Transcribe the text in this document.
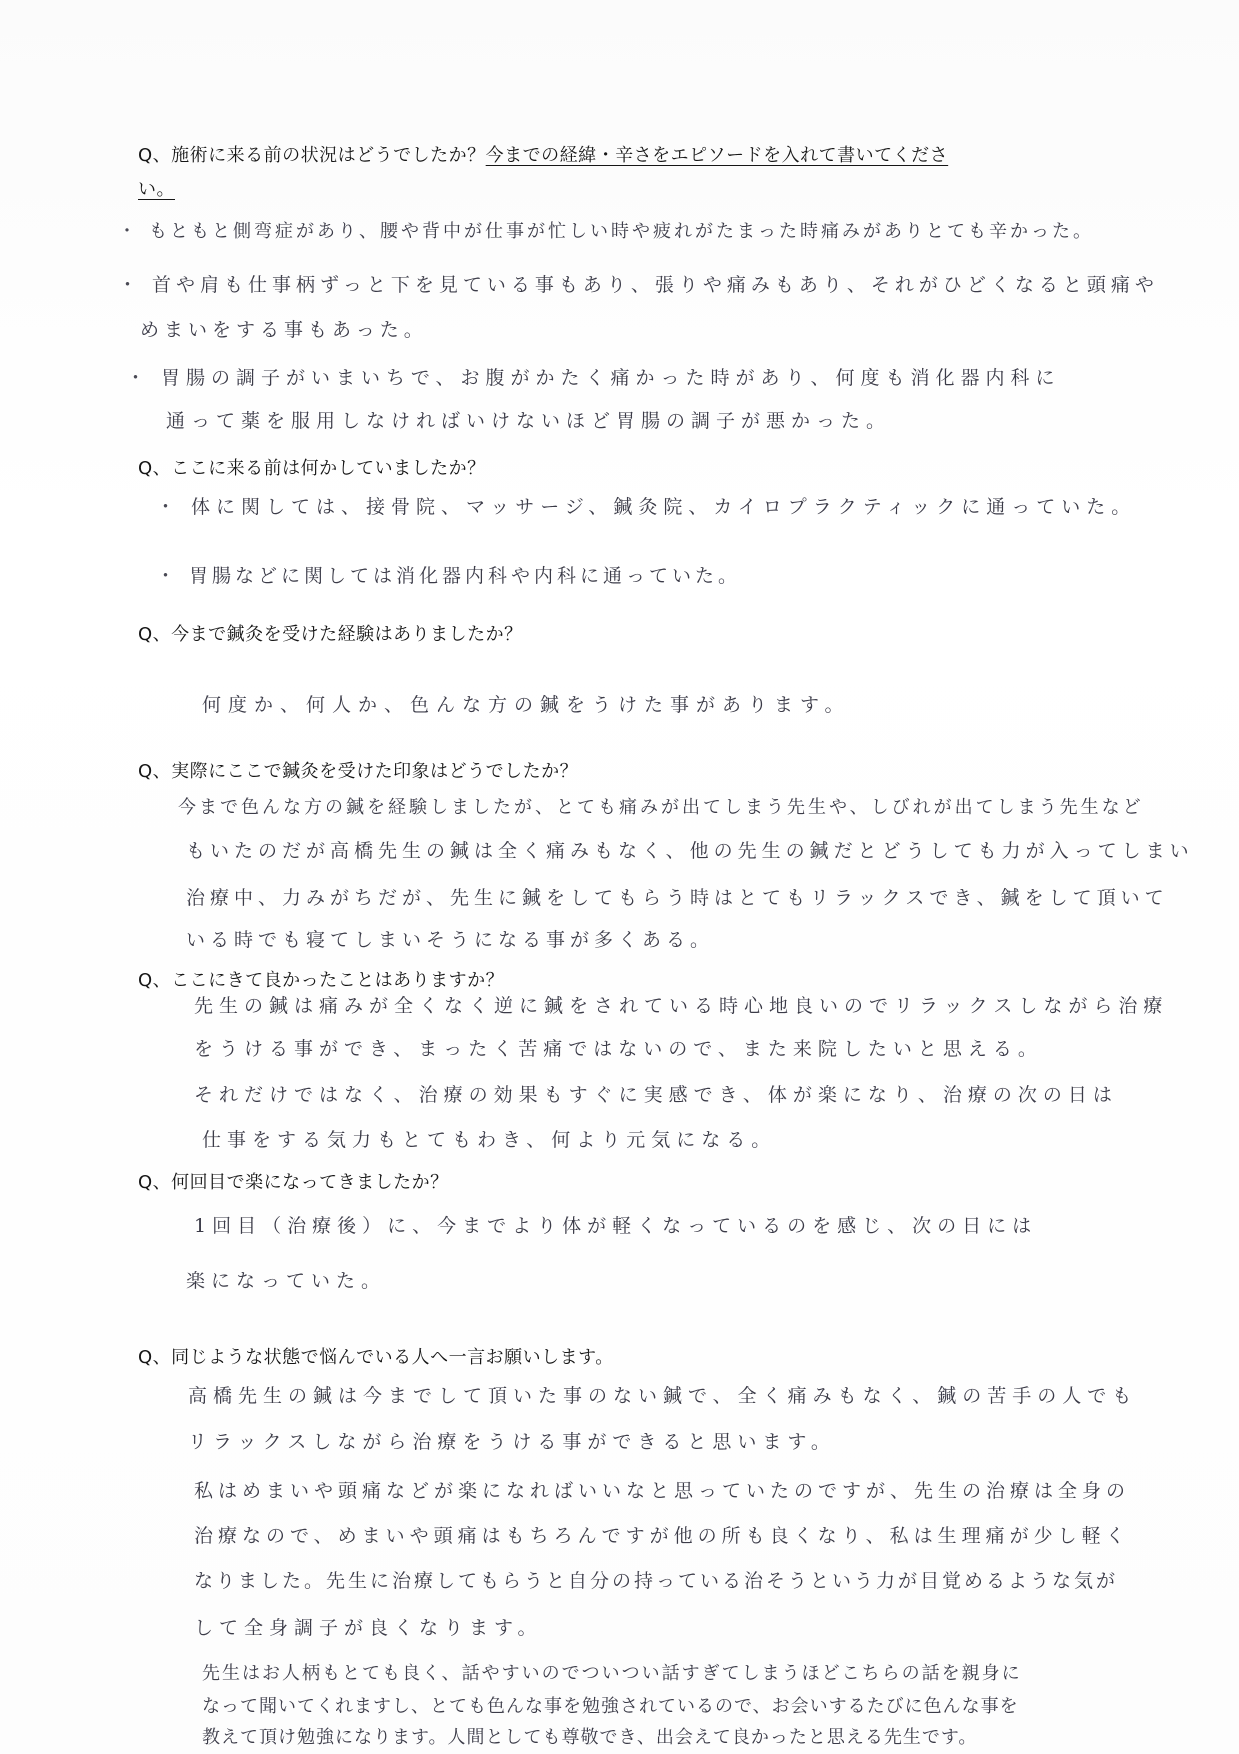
Q、施術に来る前の状況はどうでしたか？今までの経緯・辛さをエピソードを入れて書いてくださ
い。
・ もともと側弯症があり、腰や背中が仕事が忙しい時や疲れがたまった時痛みがありとても辛かった。
・ 首や肩も仕事柄ずっと下を見ている事もあり、張りや痛みもあり、それがひどくなると頭痛や
めまいをする事もあった。
・ 胃腸の調子がいまいちで、お腹がかたく痛かった時があり、何度も消化器内科に
通って薬を服用しなければいけないほど胃腸の調子が悪かった。
Q、ここに来る前は何かしていましたか？
・ 体に関しては、接骨院、マッサージ、鍼灸院、カイロプラクティックに通っていた。
・ 胃腸などに関しては消化器内科や内科に通っていた。
Q、今まで鍼灸を受けた経験はありましたか？
何度か、何人か、色んな方の鍼をうけた事があります。
Q、実際にここで鍼灸を受けた印象はどうでしたか？
今まで色んな方の鍼を経験しましたが、とても痛みが出てしまう先生や、しびれが出てしまう先生など
もいたのだが高橋先生の鍼は全く痛みもなく、他の先生の鍼だとどうしても力が入ってしまい
治療中、力みがちだが、先生に鍼をしてもらう時はとてもリラックスでき、鍼をして頂いて
いる時でも寝てしまいそうになる事が多くある。
Q、ここにきて良かったことはありますか？
先生の鍼は痛みが全くなく逆に鍼をされている時心地良いのでリラックスしながら治療
をうける事ができ、まったく苦痛ではないので、また来院したいと思える。
それだけではなく、治療の効果もすぐに実感でき、体が楽になり、治療の次の日は
仕事をする気力もとてもわき、何より元気になる。
Q、何回目で楽になってきましたか？
1回目（治療後）に、今までより体が軽くなっているのを感じ、次の日には
楽になっていた。
Q、同じような状態で悩んでいる人へ一言お願いします。
高橋先生の鍼は今までして頂いた事のない鍼で、全く痛みもなく、鍼の苦手の人でも
リラックスしながら治療をうける事ができると思います。
私はめまいや頭痛などが楽になればいいなと思っていたのですが、先生の治療は全身の
治療なので、めまいや頭痛はもちろんですが他の所も良くなり、私は生理痛が少し軽く
なりました。先生に治療してもらうと自分の持っている治そうという力が目覚めるような気が
して全身調子が良くなります。
先生はお人柄もとても良く、話やすいのでついつい話すぎてしまうほどこちらの話を親身に
なって聞いてくれますし、とても色んな事を勉強されているので、お会いするたびに色んな事を
教えて頂け勉強になります。人間としても尊敬でき、出会えて良かったと思える先生です。
